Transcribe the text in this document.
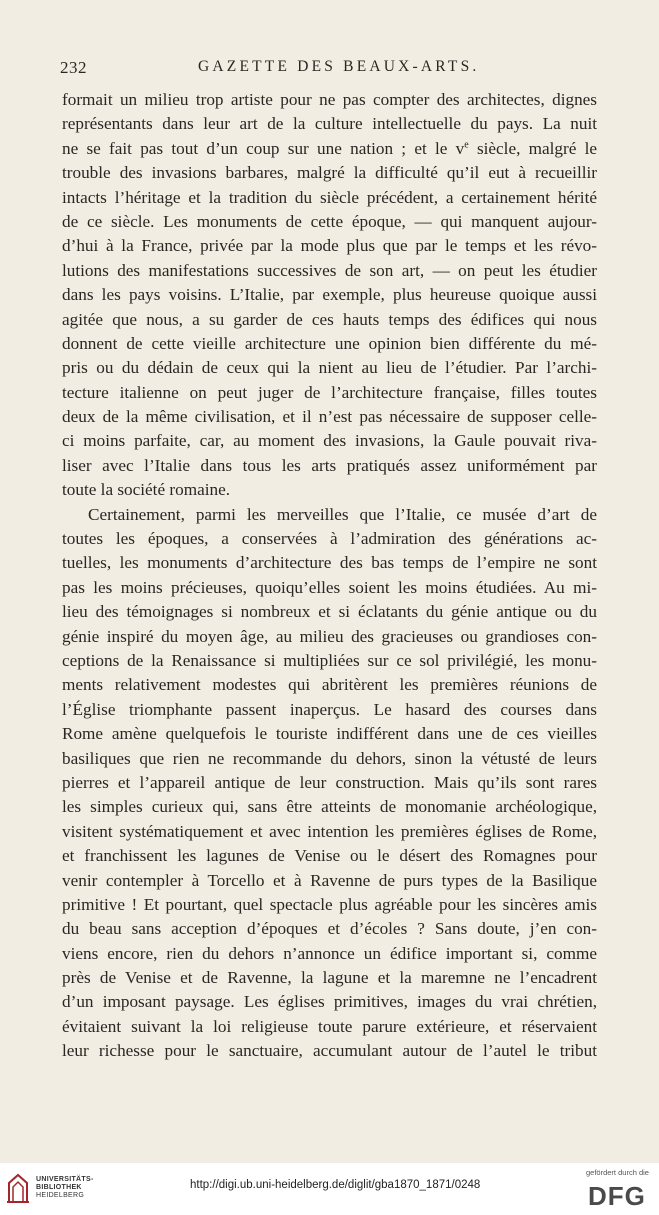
232	GAZETTE DES BEAUX-ARTS.
formait un milieu trop artiste pour ne pas compter des architectes, dignes
représentants dans leur art de la culture intellectuelle du pays. La nuit
ne se fait pas tout d’un coup sur une nation ; et le $v^e$ siècle, malgré le
trouble des invasions barbares, malgré la difficulté qu’il eut à recueillir
intacts l’héritage et la tradition du siècle précédent, a certainement hérité
de ce siècle. Les monuments de cette époque, — qui manquent aujour-
d’hui à la France, privée par la mode plus que par le temps et les révo-
lutions des manifestations successives de son art, — on peut les étudier
dans les pays voisins. L’Italie, par exemple, plus heureuse quoique aussi
agitée que nous, a su garder de ces hauts temps des édifices qui nous
donnent de cette vieille architecture une opinion bien différente du mé-
pris ou du dédain de ceux qui la nient au lieu de l’étudier. Par l’archi-
tecture italienne on peut juger de l’architecture française, filles toutes
deux de la même civilisation, et il n’est pas nécessaire de supposer celle-
ci moins parfaite, car, au moment des invasions, la Gaule pouvait riva-
liser avec l’Italie dans tous les arts pratiqués assez uniformément par
toute la société romaine.
Certainement, parmi les merveilles que l’Italie, ce musée d’art de
toutes les époques, a conservées à l’admiration des générations ac-
tuelles, les monuments d’architecture des bas temps de l’empire ne sont
pas les moins précieuses, quoiqu’elles soient les moins étudiées. Au mi-
lieu des témoignages si nombreux et si éclatants du génie antique ou du
génie inspiré du moyen âge, au milieu des gracieuses ou grandioses con-
ceptions de la Renaissance si multipliées sur ce sol privilégié, les monu-
ments relativement modestes qui abritèrent les premières réunions de
l’Église triomphante passent inaperçus. Le hasard des courses dans
Rome amène quelquefois le touriste indifférent dans une de ces vieilles
basiliques que rien ne recommande du dehors, sinon la vétusté de leurs
pierres et l’appareil antique de leur construction. Mais qu’ils sont rares
les simples curieux qui, sans être atteints de monomanie archéologique,
visitent systématiquement et avec intention les premières églises de Rome,
et franchissent les lagunes de Venise ou le désert des Romagnes pour
venir contempler à Torcello et à Ravenne de purs types de la Basilique
primitive ! Et pourtant, quel spectacle plus agréable pour les sincères amis
du beau sans acception d’époques et d’écoles ? Sans doute, j’en con-
viens encore, rien du dehors n’annonce un édifice important si, comme
près de Venise et de Ravenne, la lagune et la maremne ne l’encadrent
d’un imposant paysage. Les églises primitives, images du vrai chrétien,
évitaient suivant la loi religieuse toute parure extérieure, et réservaient
leur richesse pour le sanctuaire, accumulant autour de l’autel le tribut
UNIVERSITÄTS-
BIBLIOTHEK
HEIDELBERG
http://digi.ub.uni-heidelberg.de/diglit/gba1870_1871/0248
gefördert durch die
DFG
